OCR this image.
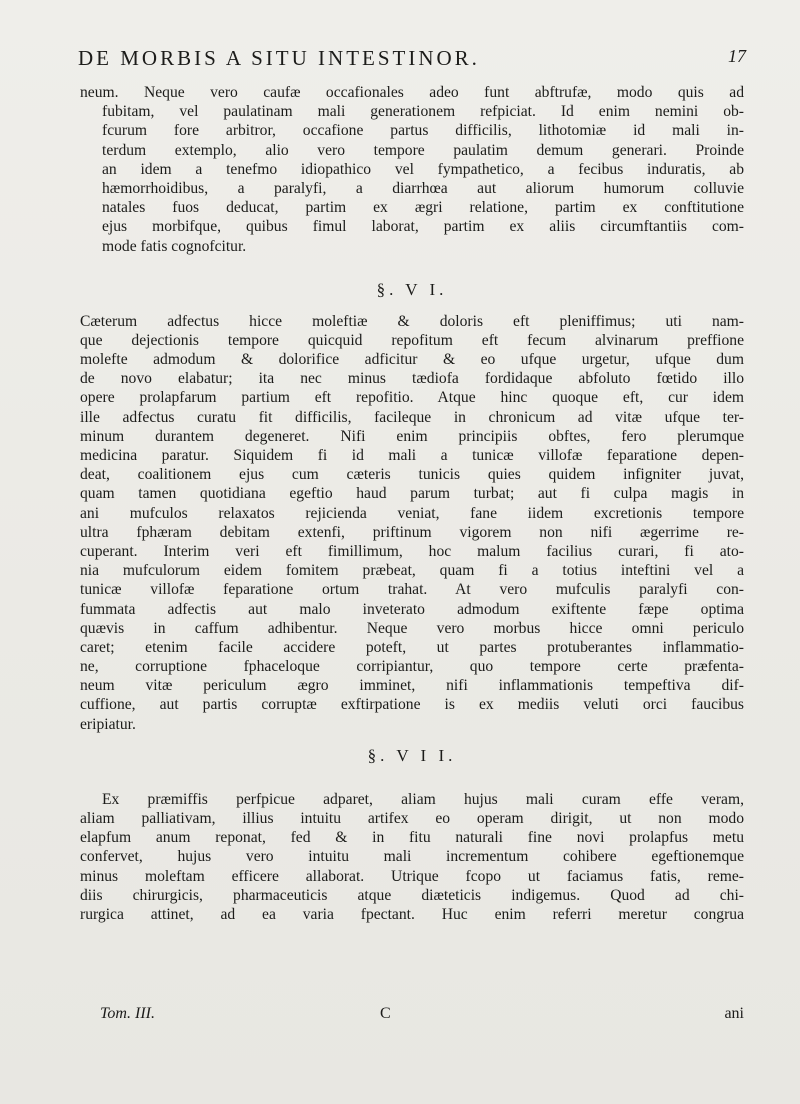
DE MORBIS A SITU INTESTINOR.	17
neum. Neque vero caufæ occafionales adeo funt abftrufæ, modo quis ad
fubitam, vel paulatinam mali generationem refpiciat. Id enim nemini ob-
fcurum fore arbitror, occafione partus difficilis, lithotomiæ id mali in-
terdum extemplo, alio vero tempore paulatim demum generari. Proinde
an idem a tenefmo idiopathico vel fympathetico, a fecibus induratis, ab
hæmorrhoidibus, a paralyfi, a diarrhœa aut aliorum humorum colluvie
natales fuos deducat, partim ex ægri relatione, partim ex conftitutione
ejus morbifque, quibus fimul laborat, partim ex aliis circumftantiis com-
mode fatis cognofcitur.
§. V I.
Cæterum adfectus hicce moleftiæ & doloris eft pleniffimus; uti nam-
que dejectionis tempore quicquid repofitum eft fecum alvinarum preffione
molefte admodum & dolorifice adficitur & eo ufque urgetur, ufque dum
de novo elabatur; ita nec minus tædiofa fordidaque abfoluto fœtido illo
opere prolapfarum partium eft repofitio. Atque hinc quoque eft, cur idem
ille adfectus curatu fit difficilis, facileque in chronicum ad vitæ ufque ter-
minum durantem degeneret. Nifi enim principiis obftes, fero plerumque
medicina paratur. Siquidem fi id mali a tunicæ villofæ feparatione depen-
deat, coalitionem ejus cum cæteris tunicis quies quidem infigniter juvat,
quam tamen quotidiana egeftio haud parum turbat; aut fi culpa magis in
ani mufculos relaxatos rejicienda veniat, fane iidem excretionis tempore
ultra fphæram debitam extenfi, priftinum vigorem non nifi ægerrime re-
cuperant. Interim veri eft fimillimum, hoc malum facilius curari, fi ato-
nia mufculorum eidem fomitem præbeat, quam fi a totius inteftini vel a
tunicæ villofæ feparatione ortum trahat. At vero mufculis paralyfi con-
fummata adfectis aut malo inveterato admodum exiftente fæpe optima
quævis in caffum adhibentur. Neque vero morbus hicce omni periculo
caret; etenim facile accidere poteft, ut partes protuberantes inflammatio-
ne, corruptione fphaceloque corripiantur, quo tempore certe præfenta-
neum vitæ periculum ægro imminet, nifi inflammationis tempeftiva dif-
cuffione, aut partis corruptæ exftirpatione is ex mediis veluti orci faucibus
eripiatur.
§. V I I.
Ex præmiffis perfpicue adparet, aliam hujus mali curam effe veram,
aliam palliativam, illius intuitu artifex eo operam dirigit, ut non modo
elapfum anum reponat, fed & in fitu naturali fine novi prolapfus metu
confervet, hujus vero intuitu mali incrementum cohibere egeftionemque
minus moleftam efficere allaborat. Utrique fcopo ut faciamus fatis, reme-
diis chirurgicis, pharmaceuticis atque diæteticis indigemus. Quod ad chi-
rurgica attinet, ad ea varia fpectant. Huc enim referri meretur congrua
Tom. III.	C	ani
